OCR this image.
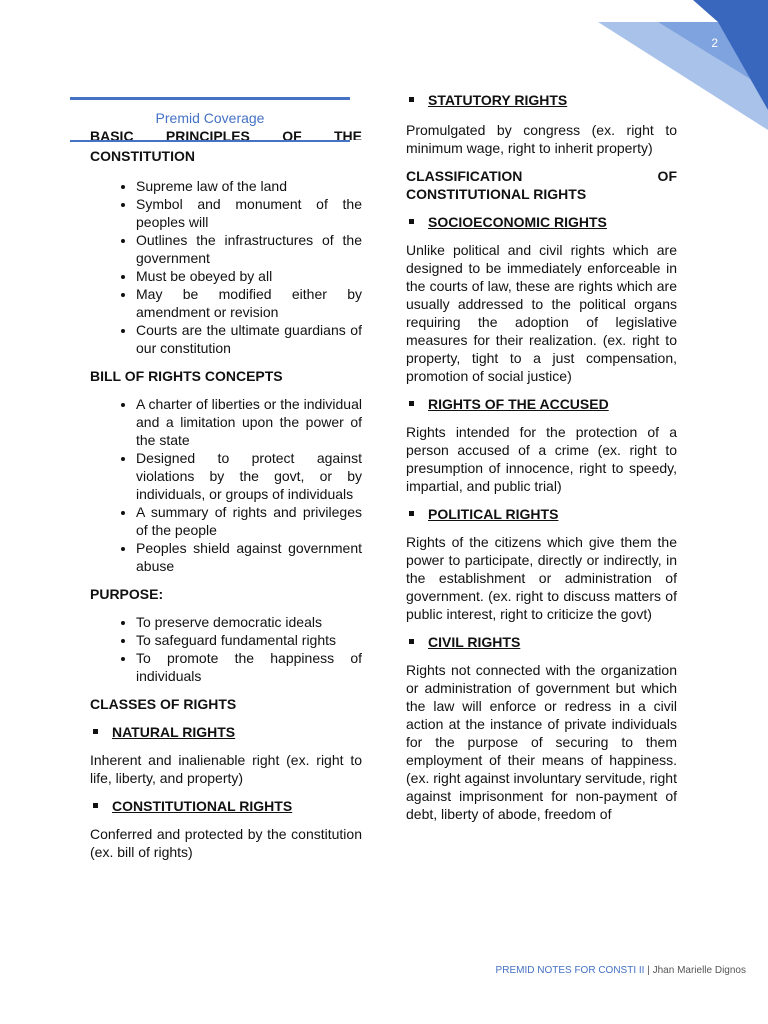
2
Premid Coverage
BASIC PRINCIPLES OF THE

CONSTITUTION

• Supreme law of the land
• Symbol and monument of the peoples will
• Outlines the infrastructures of the government
• Must be obeyed by all
• May be modified either by amendment or revision
• Courts are the ultimate guardians of our constitution

BILL OF RIGHTS CONCEPTS

• A charter of liberties or the individual and a limitation upon the power of the state
• Designed to protect against violations by the govt, or by individuals, or groups of individuals
• A summary of rights and privileges of the people
• Peoples shield against government abuse

PURPOSE:

• To preserve democratic ideals
• To safeguard fundamental rights
• To promote the happiness of individuals

CLASSES OF RIGHTS

NATURAL RIGHTS

Inherent and inalienable right (ex. right to life, liberty, and property)

CONSTITUTIONAL RIGHTS

Conferred and protected by the constitution (ex. bill of rights)

STATUTORY RIGHTS

Promulgated by congress (ex. right to minimum wage, right to inherit property)

CLASSIFICATION OF

CONSTITUTIONAL RIGHTS

SOCIOECONOMIC RIGHTS

Unlike political and civil rights which are designed to be immediately enforceable in the courts of law, these are rights which are usually addressed to the political organs requiring the adoption of legislative measures for their realization. (ex. right to property, tight to a just compensation, promotion of social justice)

RIGHTS OF THE ACCUSED

Rights intended for the protection of a person accused of a crime (ex. right to presumption of innocence, right to speedy, impartial, and public trial)

POLITICAL RIGHTS

Rights of the citizens which give them the power to participate, directly or indirectly, in the establishment or administration of government. (ex. right to discuss matters of public interest, right to criticize the govt)

CIVIL RIGHTS

Rights not connected with the organization or administration of government but which the law will enforce or redress in a civil action at the instance of private individuals for the purpose of securing to them employment of their means of happiness. (ex. right against involuntary servitude, right against imprisonment for non-payment of debt, liberty of abode, freedom of

PREMID NOTES FOR CONSTI II | Jhan Marielle Dignos
